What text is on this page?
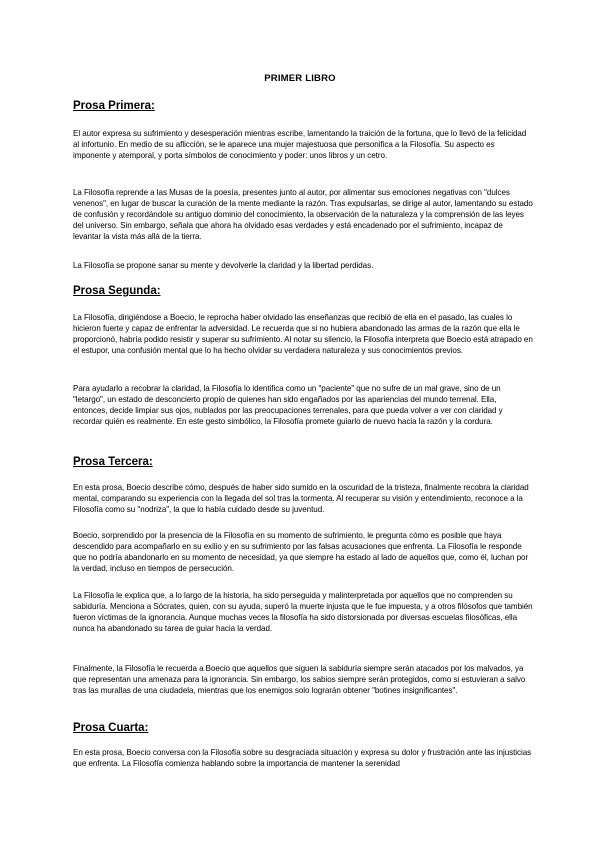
PRIMER LIBRO
Prosa Primera:

El autor expresa su sufrimiento y desesperación mientras escribe, lamentando la traición de la fortuna, que lo llevó de la felicidad al infortunio. En medio de su aflicción, se le aparece una mujer majestuosa que personifica a la Filosofía. Su aspecto es imponente y atemporal, y porta símbolos de conocimiento y poder: unos libros y un cetro.

La Filosofía reprende a las Musas de la poesía, presentes junto al autor, por alimentar sus emociones negativas con "dulces venenos", en lugar de buscar la curación de la mente mediante la razón. Tras expulsarlas, se dirige al autor, lamentando su estado de confusión y recordándole su antiguo dominio del conocimiento, la observación de la naturaleza y la comprensión de las leyes del universo. Sin embargo, señala que ahora ha olvidado esas verdades y está encadenado por el sufrimiento, incapaz de levantar la vista más allá de la tierra.

La Filosofía se propone sanar su mente y devolverle la claridad y la libertad perdidas.

Prosa Segunda:

La Filosofía, dirigiéndose a Boecio, le reprocha haber olvidado las enseñanzas que recibió de ella en el pasado, las cuales lo hicieron fuerte y capaz de enfrentar la adversidad. Le recuerda que si no hubiera abandonado las armas de la razón que ella le proporcionó, habría podido resistir y superar su sufrimiento. Al notar su silencio, la Filosofía interpreta que Boecio está atrapado en el estupor, una confusión mental que lo ha hecho olvidar su verdadera naturaleza y sus conocimientos previos.

Para ayudarlo a recobrar la claridad, la Filosofía lo identifica como un "paciente" que no sufre de un mal grave, sino de un "letargo", un estado de desconcierto propio de quienes han sido engañados por las apariencias del mundo terrenal. Ella, entonces, decide limpiar sus ojos, nublados por las preocupaciones terrenales, para que pueda volver a ver con claridad y recordar quién es realmente. En este gesto simbólico, la Filosofía promete guiarlo de nuevo hacia la razón y la cordura.

Prosa Tercera:

En esta prosa, Boecio describe cómo, después de haber sido sumido en la oscuridad de la tristeza, finalmente recobra la claridad mental, comparando su experiencia con la llegada del sol tras la tormenta. Al recuperar su visión y entendimiento, reconoce a la Filosofía como su "nodriza", la que lo había cuidado desde su juventud.

Boecio, sorprendido por la presencia de la Filosofía en su momento de sufrimiento, le pregunta cómo es posible que haya descendido para acompañarlo en su exilio y en su sufrimiento por las falsas acusaciones que enfrenta. La Filosofía le responde que no podría abandonarlo en su momento de necesidad, ya que siempre ha estado al lado de aquellos que, como él, luchan por la verdad, incluso en tiempos de persecución.

La Filosofía le explica que, a lo largo de la historia, ha sido perseguida y malinterpretada por aquellos que no comprenden su sabiduría. Menciona a Sócrates, quien, con su ayuda, superó la muerte injusta que le fue impuesta, y a otros filósofos que también fueron víctimas de la ignorancia. Aunque muchas veces la filosofía ha sido distorsionada por diversas escuelas filosóficas, ella nunca ha abandonado su tarea de guiar hacia la verdad.

Finalmente, la Filosofía le recuerda a Boecio que aquellos que siguen la sabiduría siempre serán atacados por los malvados, ya que representan una amenaza para la ignorancia. Sin embargo, los sabios siempre serán protegidos, como si estuvieran a salvo tras las murallas de una ciudadela, mientras que los enemigos solo lograrán obtener "botines insignificantes".

Prosa Cuarta:

En esta prosa, Boecio conversa con la Filosofía sobre su desgraciada situación y expresa su dolor y frustración ante las injusticias que enfrenta. La Filosofía comienza hablando sobre la importancia de mantener la serenidad
